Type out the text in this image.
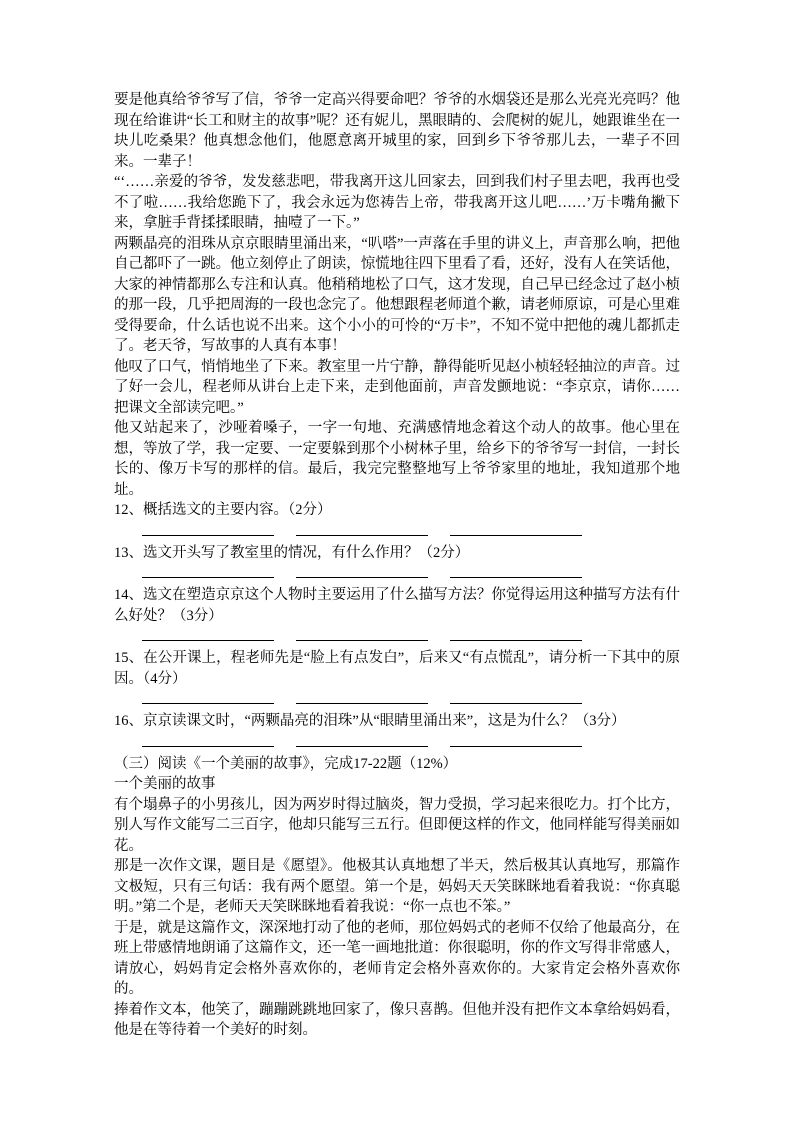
要是他真给爷爷写了信，爷爷一定高兴得要命吧？爷爷的水烟袋还是那么光亮光亮吗？他现在给谁讲“长工和财主的故事”呢？还有妮儿，黑眼睛的、会爬树的妮儿，她跟谁坐在一块儿吃桑果？他真想念他们，他愿意离开城里的家，回到乡下爷爷那儿去，一辈子不回来。一辈子！

“‘……亲爱的爷爷，发发慈悲吧，带我离开这儿回家去，回到我们村子里去吧，我再也受不了啦……我给您跪下了，我会永远为您祷告上帝，带我离开这儿吧……’万卡嘴角撇下来，拿脏手背揉揉眼睛，抽噎了一下。”

两颗晶亮的泪珠从京京眼睛里涌出来，“叭嗒”一声落在手里的讲义上，声音那么响，把他自己都吓了一跳。他立刻停止了朗读，惊慌地往四下里看了看，还好，没有人在笑话他，大家的神情都那么专注和认真。他稍稍地松了口气，这才发现，自己早已经念过了赵小桢的那一段，几乎把周海的一段也念完了。他想跟程老师道个歉，请老师原谅，可是心里难受得要命，什么话也说不出来。这个小小的可怜的“万卡”，不知不觉中把他的魂儿都抓走了。老天爷，写故事的人真有本事！

他叹了口气，悄悄地坐了下来。教室里一片宁静，静得能听见赵小桢轻轻抽泣的声音。过了好一会儿，程老师从讲台上走下来，走到他面前，声音发颤地说：“李京京，请你……把课文全部读完吧。”

他又站起来了，沙哑着嗓子，一字一句地、充满感情地念着这个动人的故事。他心里在想，等放了学，我一定要、一定要躲到那个小树林子里，给乡下的爷爷写一封信，一封长长的、像万卡写的那样的信。最后，我完完整整地写上爷爷家里的地址，我知道那个地址。

12、概括选文的主要内容。（2分）

13、选文开头写了教室里的情况，有什么作用？（2分）

14、选文在塑造京京这个人物时主要运用了什么描写方法？你觉得运用这种描写方法有什么好处？（3分）

15、在公开课上，程老师先是“脸上有点发白”，后来又“有点慌乱”，请分析一下其中的原因。（4分）

16、京京读课文时，“两颗晶亮的泪珠”从“眼睛里涌出来”，这是为什么？（3分）

（三）阅读《一个美丽的故事》，完成17-22题（12%）

一个美丽的故事

有个塌鼻子的小男孩儿，因为两岁时得过脑炎，智力受损，学习起来很吃力。打个比方，别人写作文能写二三百字，他却只能写三五行。但即便这样的作文，他同样能写得美丽如花。

那是一次作文课，题目是《愿望》。他极其认真地想了半天，然后极其认真地写，那篇作文极短，只有三句话：我有两个愿望。第一个是，妈妈天天笑眯眯地看着我说：“你真聪明。”第二个是，老师天天笑眯眯地看着我说：“你一点也不笨。”

于是，就是这篇作文，深深地打动了他的老师，那位妈妈式的老师不仅给了他最高分，在班上带感情地朗诵了这篇作文，还一笔一画地批道：你很聪明，你的作文写得非常感人，请放心，妈妈肯定会格外喜欢你的，老师肯定会格外喜欢你的。大家肯定会格外喜欢你的。

捧着作文本，他笑了，蹦蹦跳跳地回家了，像只喜鹊。但他并没有把作文本拿给妈妈看，他是在等待着一个美好的时刻。
